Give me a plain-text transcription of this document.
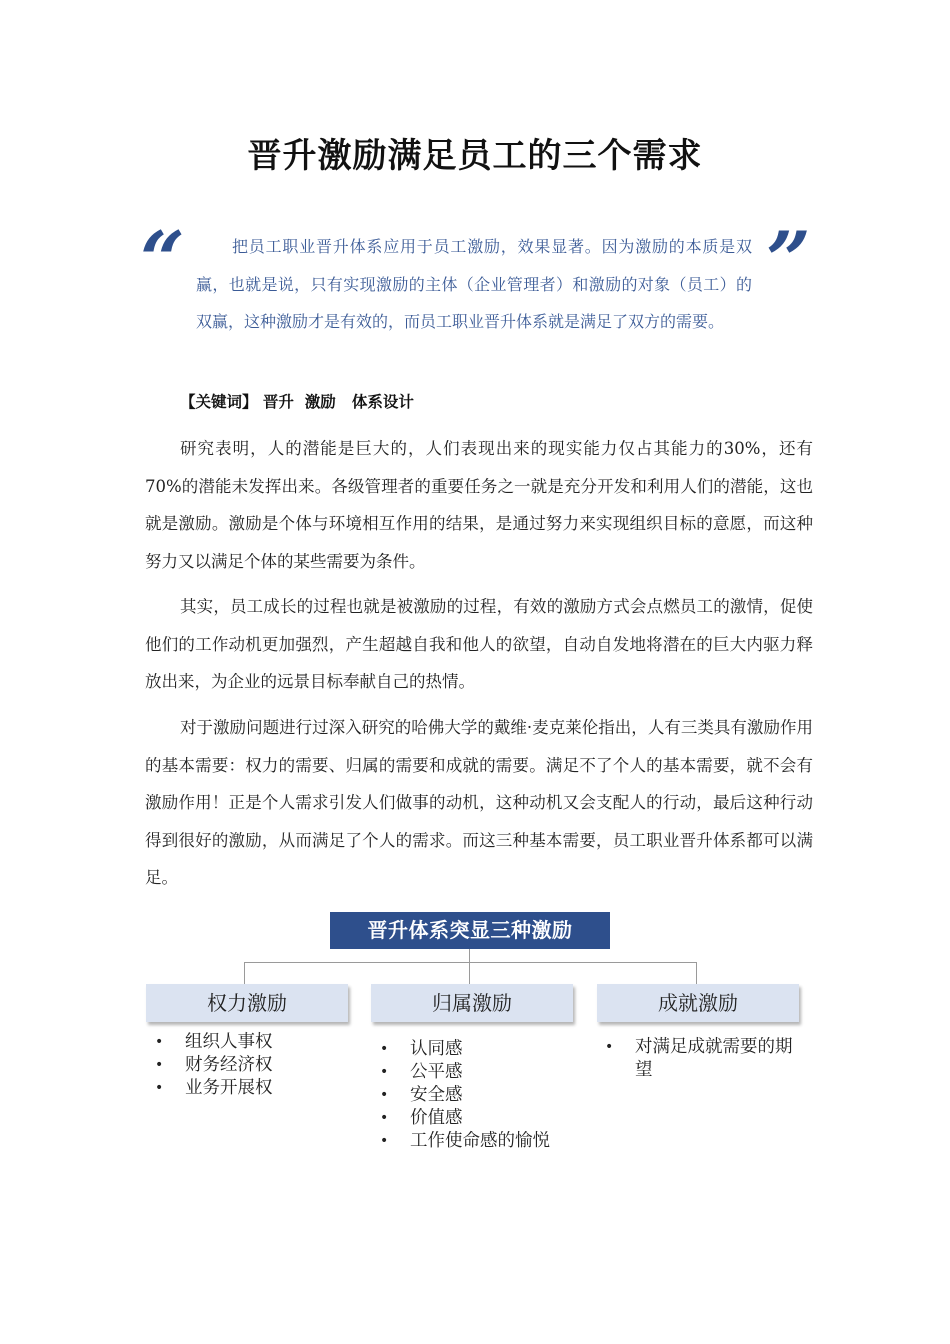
晋升激励满足员工的三个需求
“	把员工职业晋升体系应用于员工激励，效果显著。因为激励的本质是双赢，也就是说，只有实现激励的主体（企业管理者）和激励的对象（员工）的双赢，这种激励才是有效的，而员工职业晋升体系就是满足了双方的需要。
”
【关键词】 晋升  激励   体系设计

研究表明，人的潜能是巨大的，人们表现出来的现实能力仅占其能力的30%，还有70%的潜能未发挥出来。各级管理者的重要任务之一就是充分开发和利用人们的潜能，这也就是激励。激励是个体与环境相互作用的结果，是通过努力来实现组织目标的意愿，而这种努力又以满足个体的某些需要为条件。

其实，员工成长的过程也就是被激励的过程，有效的激励方式会点燃员工的激情，促使他们的工作动机更加强烈，产生超越自我和他人的欲望，自动自发地将潜在的巨大内驱力释放出来，为企业的远景目标奉献自己的热情。

对于激励问题进行过深入研究的哈佛大学的戴维·麦克莱伦指出，人有三类具有激励作用的基本需要：权力的需要、归属的需要和成就的需要。满足不了个人的基本需要，就不会有激励作用！正是个人需求引发人们做事的动机，这种动机又会支配人的行动，最后这种行动得到很好的激励，从而满足了个人的需求。而这三种基本需要，员工职业晋升体系都可以满足。

晋升体系突显三种激励
权力激励	归属激励	成就激励
• 组织人事权
• 财务经济权
• 业务开展权
• 认同感
• 公平感
• 安全感
• 价值感
• 工作使命感的愉悦
• 对满足成就需要的期望
